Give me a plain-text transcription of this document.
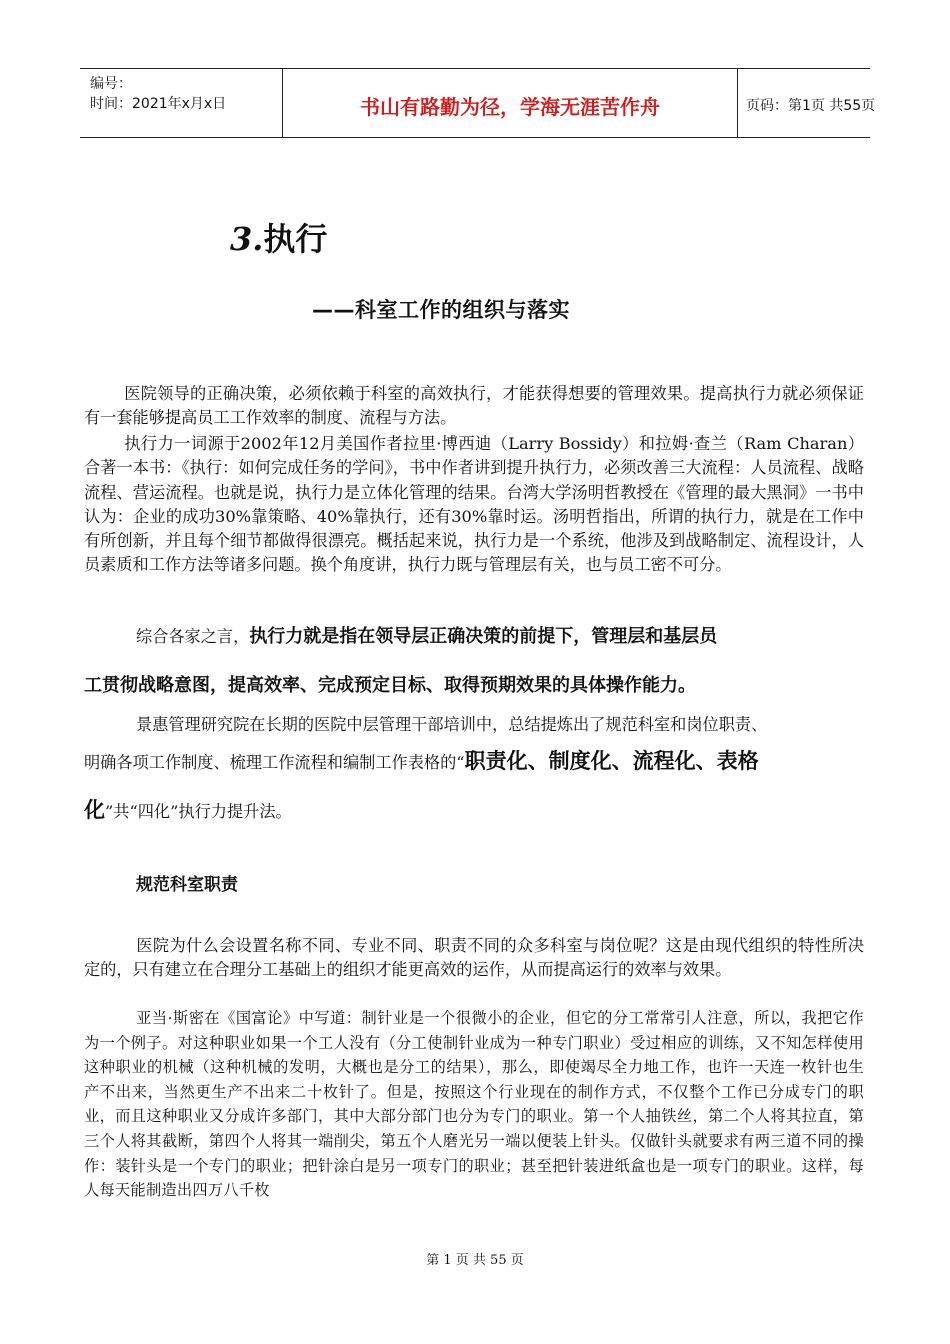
编号：
时间：2021年x月x日	书山有路勤为径，学海无涯苦作舟	页码：第1页 共55页
3.执行
——科室工作的组织与落实
医院领导的正确决策，必须依赖于科室的高效执行，才能获得想要的管理效果。提高执行力就必须保证有一套能够提高员工工作效率的制度、流程与方法。
执行力一词源于2002年12月美国作者拉里·博西迪（Larry Bossidy）和拉姆·查兰（Ram Charan）合著一本书：《执行：如何完成任务的学问》，书中作者讲到提升执行力，必须改善三大流程：人员流程、战略流程、营运流程。也就是说，执行力是立体化管理的结果。台湾大学汤明哲教授在《管理的最大黑洞》一书中认为：企业的成功30%靠策略、40%靠执行，还有30%靠时运。汤明哲指出，所谓的执行力，就是在工作中有所创新，并且每个细节都做得很漂亮。概括起来说，执行力是一个系统，他涉及到战略制定、流程设计，人员素质和工作方法等诸多问题。换个角度讲，执行力既与管理层有关，也与员工密不可分。
综合各家之言，执行力就是指在领导层正确决策的前提下，管理层和基层员
工贯彻战略意图，提高效率、完成预定目标、取得预期效果的具体操作能力。
景惠管理研究院在长期的医院中层管理干部培训中，总结提炼出了规范科室和岗位职责、
明确各项工作制度、梳理工作流程和编制工作表格的“职责化、制度化、流程化、表格
化”共“四化”执行力提升法。
规范科室职责
医院为什么会设置名称不同、专业不同、职责不同的众多科室与岗位呢？这是由现代组织的特性所决定的，只有建立在合理分工基础上的组织才能更高效的运作，从而提高运行的效率与效果。
亚当·斯密在《国富论》中写道：制针业是一个很微小的企业，但它的分工常常引人注意，所以，我把它作为一个例子。对这种职业如果一个工人没有（分工使制针业成为一种专门职业）受过相应的训练，又不知怎样使用这种职业的机械（这种机械的发明，大概也是分工的结果），那么，即使竭尽全力地工作，也许一天连一枚针也生产不出来，当然更生产不出来二十枚针了。但是，按照这个行业现在的制作方式，不仅整个工作已分成专门的职业，而且这种职业又分成许多部门，其中大部分部门也分为专门的职业。第一个人抽铁丝，第二个人将其拉直，第三个人将其截断，第四个人将其一端削尖，第五个人磨光另一端以便装上针头。仅做针头就要求有两三道不同的操作：装针头是一个专门的职业；把针涂白是另一项专门的职业；甚至把针装进纸盒也是一项专门的职业。这样，每人每天能制造出四万八千枚
第 1 页 共 55 页
